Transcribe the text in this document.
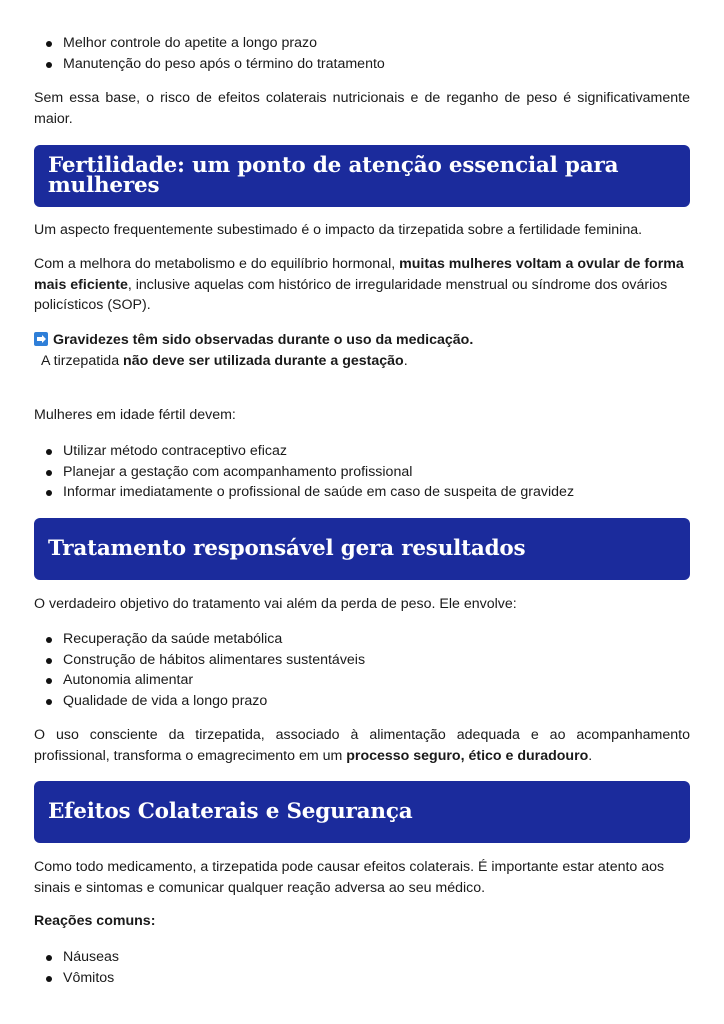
Melhor controle do apetite a longo prazo
Manutenção do peso após o término do tratamento

Sem essa base, o risco de efeitos colaterais nutricionais e de reganho de peso é significativamente maior.

Fertilidade: um ponto de atenção essencial para mulheres

Um aspecto frequentemente subestimado é o impacto da tirzepatida sobre a fertilidade feminina.

Com a melhora do metabolismo e do equilíbrio hormonal, muitas mulheres voltam a ovular de forma mais eficiente, inclusive aquelas com histórico de irregularidade menstrual ou síndrome dos ovários policísticos (SOP).

Gravidezes têm sido observadas durante o uso da medicação.
A tirzepatida não deve ser utilizada durante a gestação.

Mulheres em idade fértil devem:

Utilizar método contraceptivo eficaz
Planejar a gestação com acompanhamento profissional
Informar imediatamente o profissional de saúde em caso de suspeita de gravidez
Tratamento responsável gera resultados

O verdadeiro objetivo do tratamento vai além da perda de peso. Ele envolve:

Recuperação da saúde metabólica
Construção de hábitos alimentares sustentáveis
Autonomia alimentar
Qualidade de vida a longo prazo

O uso consciente da tirzepatida, associado à alimentação adequada e ao acompanhamento profissional, transforma o emagrecimento em um processo seguro, ético e duradouro.

Efeitos Colaterais e Segurança

Como todo medicamento, a tirzepatida pode causar efeitos colaterais. É importante estar atento aos sinais e sintomas e comunicar qualquer reação adversa ao seu médico.

Reações comuns:

Náuseas
Vômitos
